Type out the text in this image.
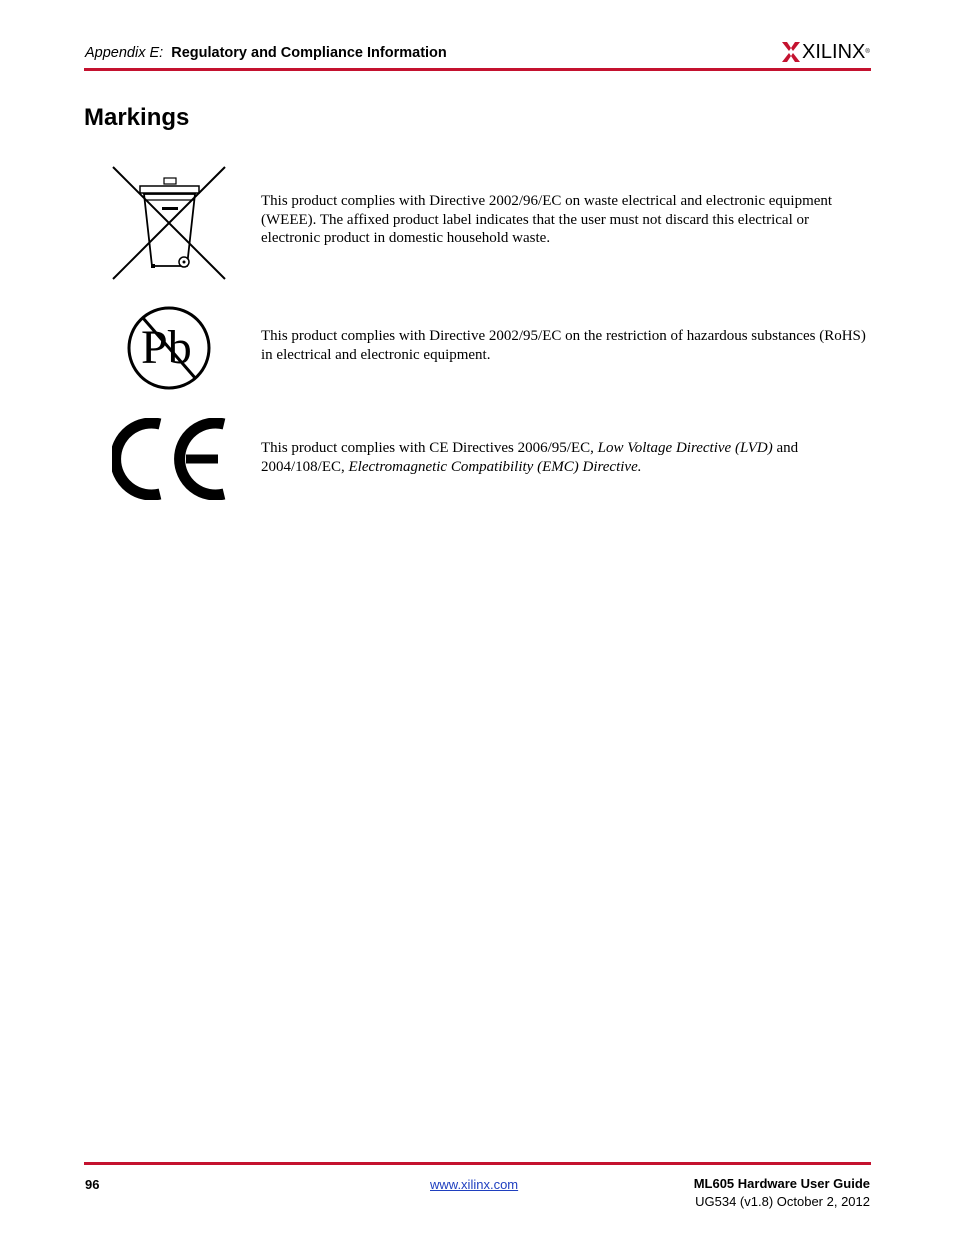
Appendix E: Regulatory and Compliance Information	XILINX®
Markings
This product complies with Directive 2002/96/EC on waste electrical and electronic equipment (WEEE). The affixed product label indicates that the user must not discard this electrical or electronic product in domestic household waste.
Pb	This product complies with Directive 2002/95/EC on the restriction of hazardous substances (RoHS) in electrical and electronic equipment.
This product complies with CE Directives 2006/95/EC, Low Voltage Directive (LVD) and 2004/108/EC, Electromagnetic Compatibility (EMC) Directive.
96	www.xilinx.com	ML605 Hardware User Guide
UG534 (v1.8) October 2, 2012
